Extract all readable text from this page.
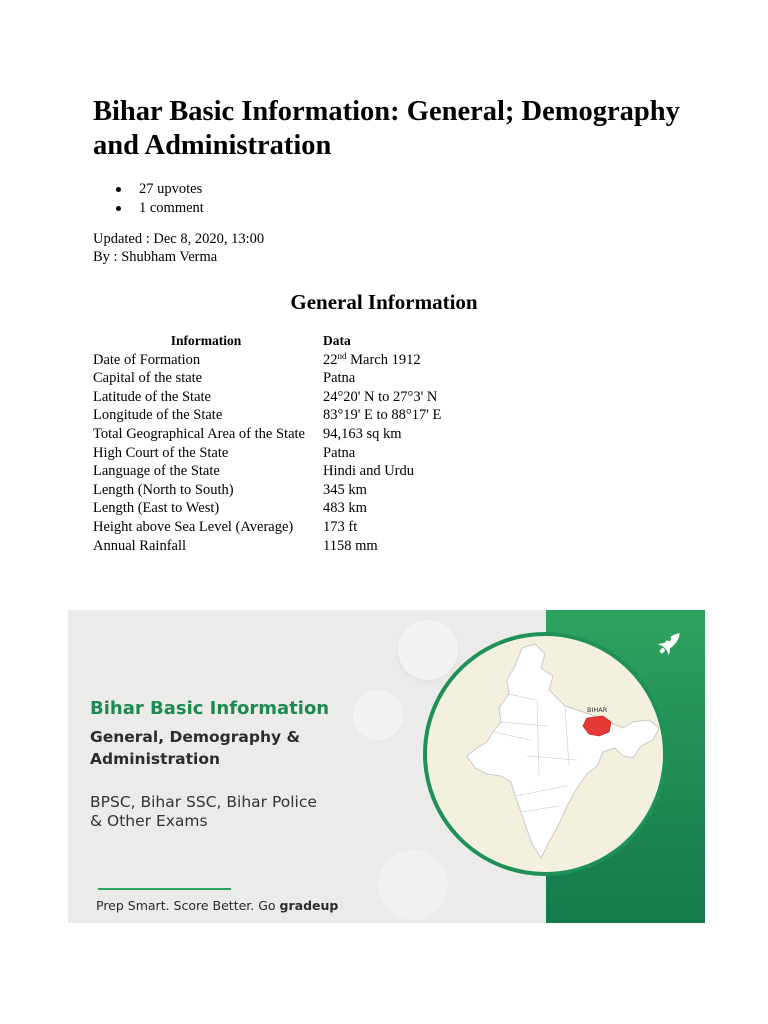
Bihar Basic Information: General; Demography and Administration
27 upvotes
1 comment
Updated : Dec 8, 2020, 13:00
By : Shubham Verma
General Information
Information	Data
Date of Formation	22nd March 1912
Capital of the state	Patna
Latitude of the State	24°20' N to 27°3' N
Longitude of the State	83°19' E to 88°17' E
Total Geographical Area of the State	94,163 sq km
High Court of the State	Patna
Language of the State	Hindi and Urdu
Length (North to South)	345 km
Length (East to West)	483 km
Height above Sea Level (Average)	173 ft
Annual Rainfall	1158 mm
BIHAR
Bihar Basic Information
General, Demography &
Administration
BPSC, Bihar SSC, Bihar Police
& Other Exams
Prep Smart. Score Better. Go gradeup
